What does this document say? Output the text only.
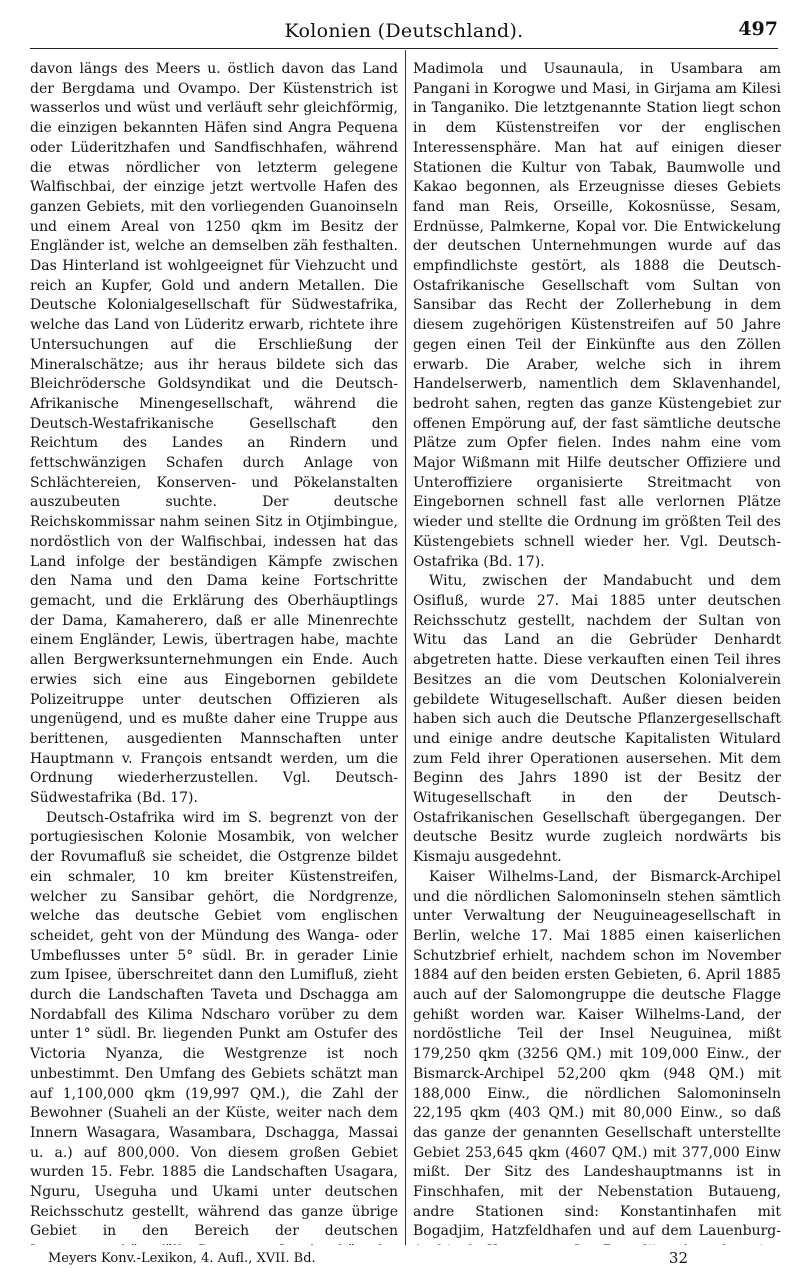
Kolonien (Deutschland).	497

davon längs des Meers u. östlich davon das Land der Bergdama und Ovampo. Der Küstenstrich ist wasserlos und wüst und verläuft sehr gleichförmig, die einzigen bekannten Häfen sind Angra Pequena oder Lüderitzhafen und Sandfischhafen, während die etwas nördlicher von letzterm gelegene Walfischbai, der einzige jetzt wertvolle Hafen des ganzen Gebiets, mit den vorliegenden Guanoinseln und einem Areal von 1250 qkm im Besitz der Engländer ist, welche an demselben zäh festhalten. Das Hinterland ist wohlgeeignet für Viehzucht und reich an Kupfer, Gold und andern Metallen. Die Deutsche Kolonialgesellschaft für Südwestafrika, welche das Land von Lüderitz erwarb, richtete ihre Untersuchungen auf die Erschließung der Mineralschätze; aus ihr heraus bildete sich das Bleichrödersche Goldsyndikat und die Deutsch-Afrikanische Minengesellschaft, während die Deutsch-Westafrikanische Gesellschaft den Reichtum des Landes an Rindern und fettschwänzigen Schafen durch Anlage von Schlächtereien, Konserven- und Pökelanstalten auszubeuten suchte. Der deutsche Reichskommissar nahm seinen Sitz in Otjimbingue, nordöstlich von der Walfischbai, indessen hat das Land infolge der beständigen Kämpfe zwischen den Nama und den Dama keine Fortschritte gemacht, und die Erklärung des Oberhäuptlings der Dama, Kamaherero, daß er alle Minenrechte einem Engländer, Lewis, übertragen habe, machte allen Bergwerksunternehmungen ein Ende. Auch erwies sich eine aus Eingebornen gebildete Polizeitruppe unter deutschen Offizieren als ungenügend, und es mußte daher eine Truppe aus berittenen, ausgedienten Mannschaften unter Hauptmann v. François entsandt werden, um die Ordnung wiederherzustellen. Vgl. Deutsch-Südwestafrika (Bd. 17).

Deutsch-Ostafrika wird im S. begrenzt von der portugiesischen Kolonie Mosambik, von welcher der Rovumafluß sie scheidet, die Ostgrenze bildet ein schmaler, 10 km breiter Küstenstreifen, welcher zu Sansibar gehört, die Nordgrenze, welche das deutsche Gebiet vom englischen scheidet, geht von der Mündung des Wanga- oder Umbeflusses unter 5° südl. Br. in gerader Linie zum Ipisee, überschreitet dann den Lumifluß, zieht durch die Landschaften Taveta und Dschagga am Nordabfall des Kilima Ndscharo vorüber zu dem unter 1° südl. Br. liegenden Punkt am Ostufer des Victoria Nyanza, die Westgrenze ist noch unbestimmt. Den Umfang des Gebiets schätzt man auf 1,100,000 qkm (19,997 QM.), die Zahl der Bewohner (Suaheli an der Küste, weiter nach dem Innern Wasagara, Wasambara, Dschagga, Massai u. a.) auf 800,000. Von diesem großen Gebiet wurden 15. Febr. 1885 die Landschaften Usagara, Nguru, Useguha und Ukami unter deutschen Reichsschutz gestellt, während das ganze übrige Gebiet in den Bereich der deutschen

Madimola und Usaunaula, in Usambara am Pangani in Korogwe und Masi, in Girjama am Kilesi in Tanganiko. Die letztgenannte Station liegt schon in dem Küstenstreifen vor der englischen Interessensphäre. Man hat auf einigen dieser Stationen die Kultur von Tabak, Baumwolle und Kakao begonnen, als Erzeugnisse dieses Gebiets fand man Reis, Orseille, Kokosnüsse, Sesam, Erdnüsse, Palmkerne, Kopal vor. Die Entwickelung der deutschen Unternehmungen wurde auf das empfindlichste gestört, als 1888 die Deutsch-Ostafrikanische Gesellschaft vom Sultan von Sansibar das Recht der Zollerhebung in dem diesem zugehörigen Küstenstreifen auf 50 Jahre gegen einen Teil der Einkünfte aus den Zöllen erwarb. Die Araber, welche sich in ihrem Handelserwerb, namentlich dem Sklavenhandel, bedroht sahen, regten das ganze Küstengebiet zur offenen Empörung auf, der fast sämtliche deutsche Plätze zum Opfer fielen. Indes nahm eine vom Major Wißmann mit Hilfe deutscher Offiziere und Unteroffiziere organisierte Streitmacht von Eingebornen schnell fast alle verlornen Plätze wieder und stellte die Ordnung im größten Teil des Küstengebiets schnell wieder her. Vgl. Deutsch-Ostafrika (Bd. 17).

Witu, zwischen der Mandabucht und dem Osifluß, wurde 27. Mai 1885 unter deutschen Reichsschutz gestellt, nachdem der Sultan von Witu das Land an die Gebrüder Denhardt abgetreten hatte. Diese verkauften einen Teil ihres Besitzes an die vom Deutschen Kolonialverein gebildete Witugesellschaft. Außer diesen beiden haben sich auch die Deutsche Pflanzergesellschaft und einige andre deutsche Kapitalisten Witulard zum Feld ihrer Operationen ausersehen. Mit dem Beginn des Jahrs 1890 ist der Besitz der Witugesellschaft in den der Deutsch-Ostafrikanischen Gesellschaft übergegangen. Der deutsche Besitz wurde zugleich nordwärts bis Kismaju ausgedehnt.

Kaiser Wilhelms-Land, der Bismarck-Archipel und die nördlichen Salomoninseln stehen sämtlich unter Verwaltung der Neuguineagesellschaft in Berlin, welche 17. Mai 1885 einen kaiserlichen Schutzbrief erhielt, nachdem schon im November 1884 auf den beiden ersten Gebieten, 6. April 1885 auch auf der Salomongruppe die deutsche Flagge gehißt worden war. Kaiser Wilhelms-Land, der nordöstliche Teil der Insel Neuguinea, mißt 179,250 qkm (3256 QM.) mit 109,000 Einw., der Bismarck-Archipel 52,200 qkm (948 QM.) mit 188,000 Einw., die nördlichen Salomoninseln 22,195 qkm (403 QM.) mit 80,000 Einw., so daß das ganze der genannten Gesellschaft unterstellte Gebiet 253,645 qkm (4607 QM.) mit 377,000 Einw mißt. Der Sitz des Landeshauptmanns ist in Finschhafen, mit der Nebenstation Butaueng, andre Stationen sind: Konstantinhafen mit Bogadjim, Hatzfeldhafen und auf dem Lauenburg-

Meyers Konv.-Lexikon, 4. Aufl., XVII. Bd.	32
